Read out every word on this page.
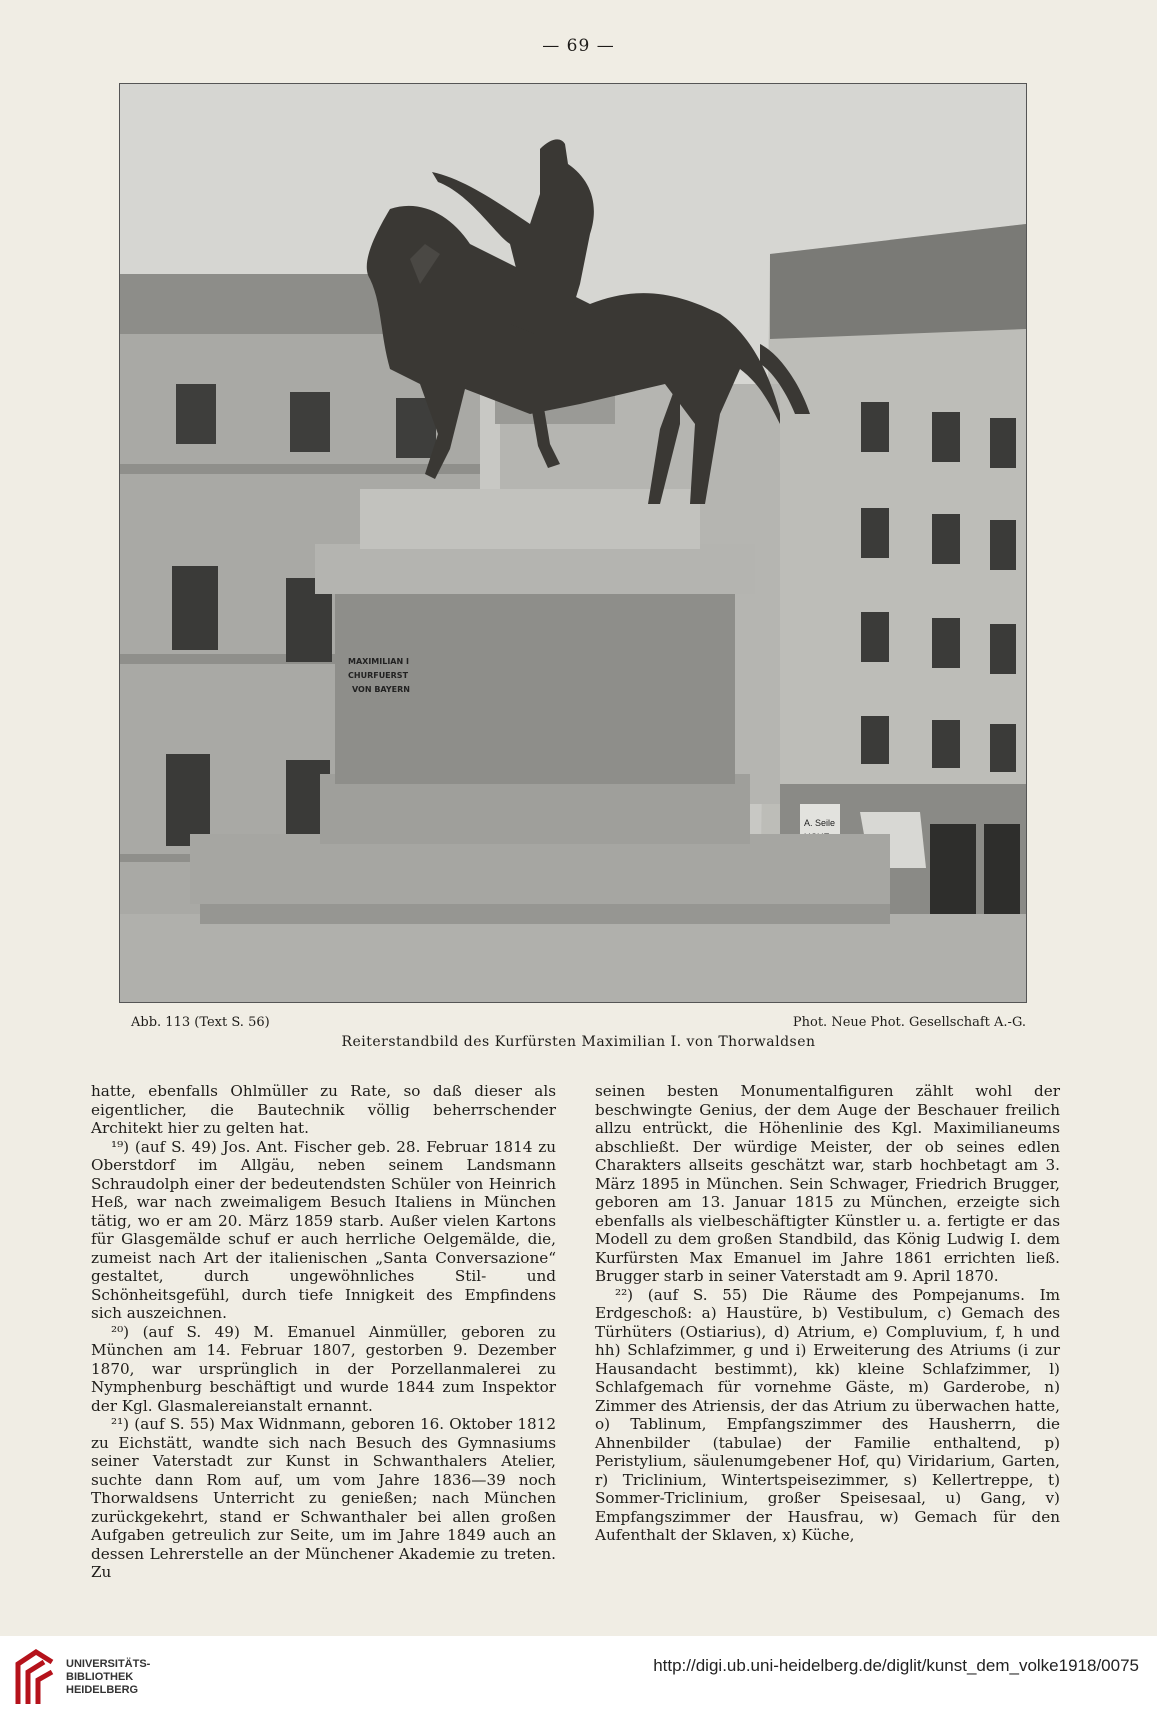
— 69 —
A. Seile
MAXIMILIAN I
CHURFUERST
VON BAYERN
Abb. 113 (Text S. 56)	Phot. Neue Phot. Gesellschaft A.-G.
Reiterstandbild des Kurfürsten Maximilian I. von Thorwaldsen

hatte, ebenfalls Ohlmüller zu Rate, so daß dieser als eigentlicher, die Bautechnik völlig beherrschender Architekt hier zu gelten hat.

¹⁹) (auf S. 49) Jos. Ant. Fischer geb. 28. Februar 1814 zu Oberstdorf im Allgäu, neben seinem Landsmann Schraudolph einer der bedeutendsten Schüler von Heinrich Heß, war nach zweimaligem Besuch Italiens in München tätig, wo er am 20. März 1859 starb. Außer vielen Kartons für Glasgemälde schuf er auch herrliche Oelgemälde, die, zumeist nach Art der italienischen „Santa Conversazione“ gestaltet, durch ungewöhnliches Stil- und Schönheitsgefühl, durch tiefe Innigkeit des Empfindens sich auszeichnen.

²⁰) (auf S. 49) M. Emanuel Ainmüller, geboren zu München am 14. Februar 1807, gestorben 9. Dezember 1870, war ursprünglich in der Porzellanmalerei zu Nymphenburg beschäftigt und wurde 1844 zum Inspektor der Kgl. Glasmalereianstalt ernannt.

²¹) (auf S. 55) Max Widnmann, geboren 16. Oktober 1812 zu Eichstätt, wandte sich nach Besuch des Gymnasiums seiner Vaterstadt zur Kunst in Schwanthalers Atelier, suchte dann Rom auf, um vom Jahre 1836—39 noch Thorwaldsens Unterricht zu genießen; nach München zurückgekehrt, stand er Schwanthaler bei allen großen Aufgaben getreulich zur Seite, um im Jahre 1849 auch an dessen Lehrerstelle an der Münchener Akademie zu treten. Zu

seinen besten Monumentalfiguren zählt wohl der beschwingte Genius, der dem Auge der Beschauer freilich allzu entrückt, die Höhenlinie des Kgl. Maximilianeums abschließt. Der würdige Meister, der ob seines edlen Charakters allseits geschätzt war, starb hochbetagt am 3. März 1895 in München. Sein Schwager, Friedrich Brugger, geboren am 13. Januar 1815 zu München, erzeigte sich ebenfalls als vielbeschäftigter Künstler u. a. fertigte er das Modell zu dem großen Standbild, das König Ludwig I. dem Kurfürsten Max Emanuel im Jahre 1861 errichten ließ. Brugger starb in seiner Vaterstadt am 9. April 1870.

²²) (auf S. 55) Die Räume des Pompejanums. Im Erdgeschoß: a) Haustüre, b) Vestibulum, c) Gemach des Türhüters (Ostiarius), d) Atrium, e) Compluvium, f, h und hh) Schlafzimmer, g und i) Erweiterung des Atriums (i zur Hausandacht bestimmt), kk) kleine Schlafzimmer, l) Schlafgemach für vornehme Gäste, m) Garderobe, n) Zimmer des Atriensis, der das Atrium zu überwachen hatte, o) Tablinum, Empfangszimmer des Hausherrn, die Ahnenbilder (tabulae) der Familie enthaltend, p) Peristylium, säulenumgebener Hof, qu) Viridarium, Garten, r) Triclinium, Wintertspeisezimmer, s) Kellertreppe, t) Sommer-Triclinium, großer Speisesaal, u) Gang, v) Empfangszimmer der Hausfrau, w) Gemach für den Aufenthalt der Sklaven, x) Küche,

UNIVERSITÄTS-
BIBLIOTHEK
HEIDELBERG
http://digi.ub.uni-heidelberg.de/diglit/kunst_dem_volke1918/0075
